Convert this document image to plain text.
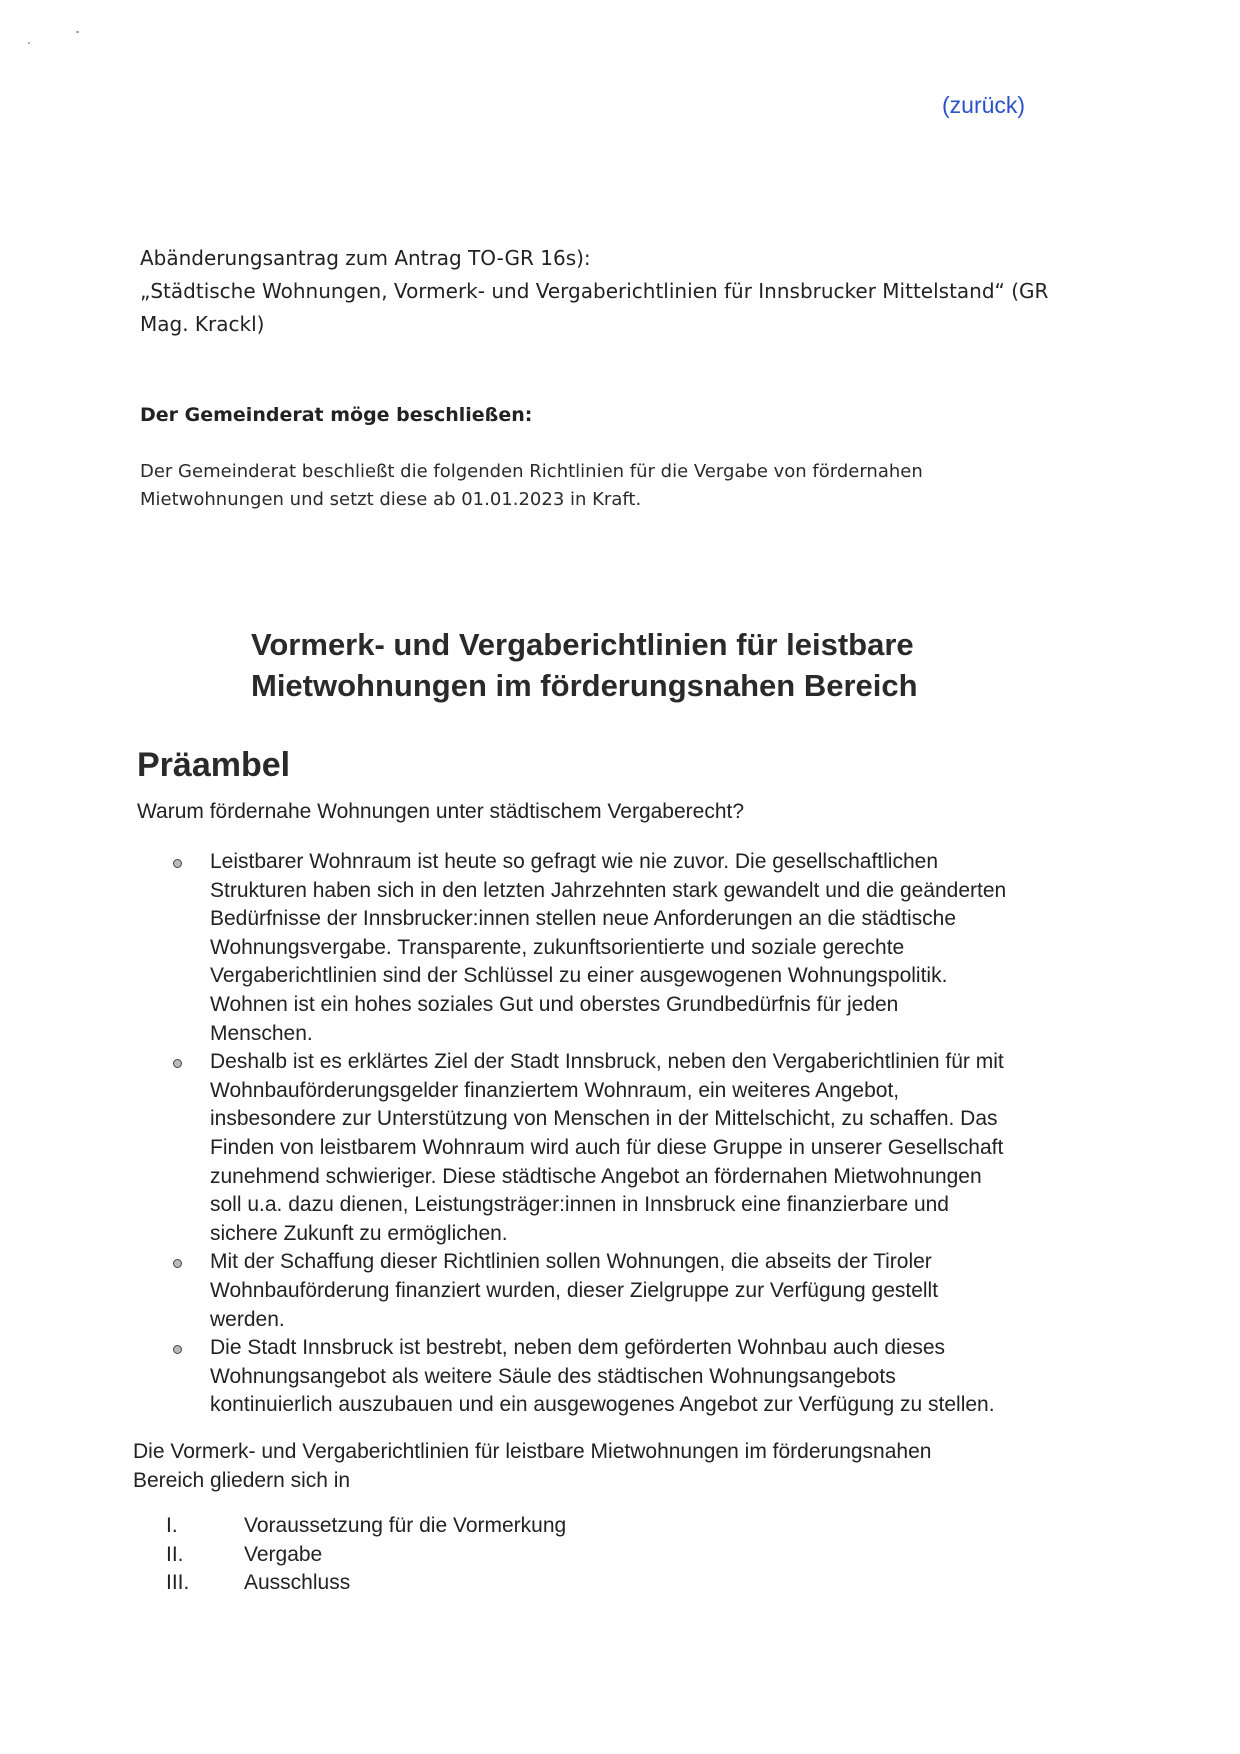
(zurück)
Abänderungsantrag zum Antrag TO-GR 16s):
„Städtische Wohnungen, Vormerk- und Vergaberichtlinien für Innsbrucker Mittelstand“ (GR
Mag. Krackl)
Der Gemeinderat möge beschließen:
Der Gemeinderat beschließt die folgenden Richtlinien für die Vergabe von fördernahen
Mietwohnungen und setzt diese ab 01.01.2023 in Kraft.
Vormerk- und Vergaberichtlinien für leistbare
Mietwohnungen im förderungsnahen Bereich
Präambel
Warum fördernahe Wohnungen unter städtischem Vergaberecht?
Leistbarer Wohnraum ist heute so gefragt wie nie zuvor. Die gesellschaftlichen
Strukturen haben sich in den letzten Jahrzehnten stark gewandelt und die geänderten
Bedürfnisse der Innsbrucker:innen stellen neue Anforderungen an die städtische
Wohnungsvergabe. Transparente, zukunftsorientierte und soziale gerechte
Vergaberichtlinien sind der Schlüssel zu einer ausgewogenen Wohnungspolitik.
Wohnen ist ein hohes soziales Gut und oberstes Grundbedürfnis für jeden
Menschen.
Deshalb ist es erklärtes Ziel der Stadt Innsbruck, neben den Vergaberichtlinien für mit
Wohnbauförderungsgelder finanziertem Wohnraum, ein weiteres Angebot,
insbesondere zur Unterstützung von Menschen in der Mittelschicht, zu schaffen. Das
Finden von leistbarem Wohnraum wird auch für diese Gruppe in unserer Gesellschaft
zunehmend schwieriger. Diese städtische Angebot an fördernahen Mietwohnungen
soll u.a. dazu dienen, Leistungsträger:innen in Innsbruck eine finanzierbare und
sichere Zukunft zu ermöglichen.
Mit der Schaffung dieser Richtlinien sollen Wohnungen, die abseits der Tiroler
Wohnbauförderung finanziert wurden, dieser Zielgruppe zur Verfügung gestellt
werden.
Die Stadt Innsbruck ist bestrebt, neben dem geförderten Wohnbau auch dieses
Wohnungsangebot als weitere Säule des städtischen Wohnungsangebots
kontinuierlich auszubauen und ein ausgewogenes Angebot zur Verfügung zu stellen.
Die Vormerk- und Vergaberichtlinien für leistbare Mietwohnungen im förderungsnahen
Bereich gliedern sich in
I.	Voraussetzung für die Vormerkung
II.	Vergabe
III.	Ausschluss
